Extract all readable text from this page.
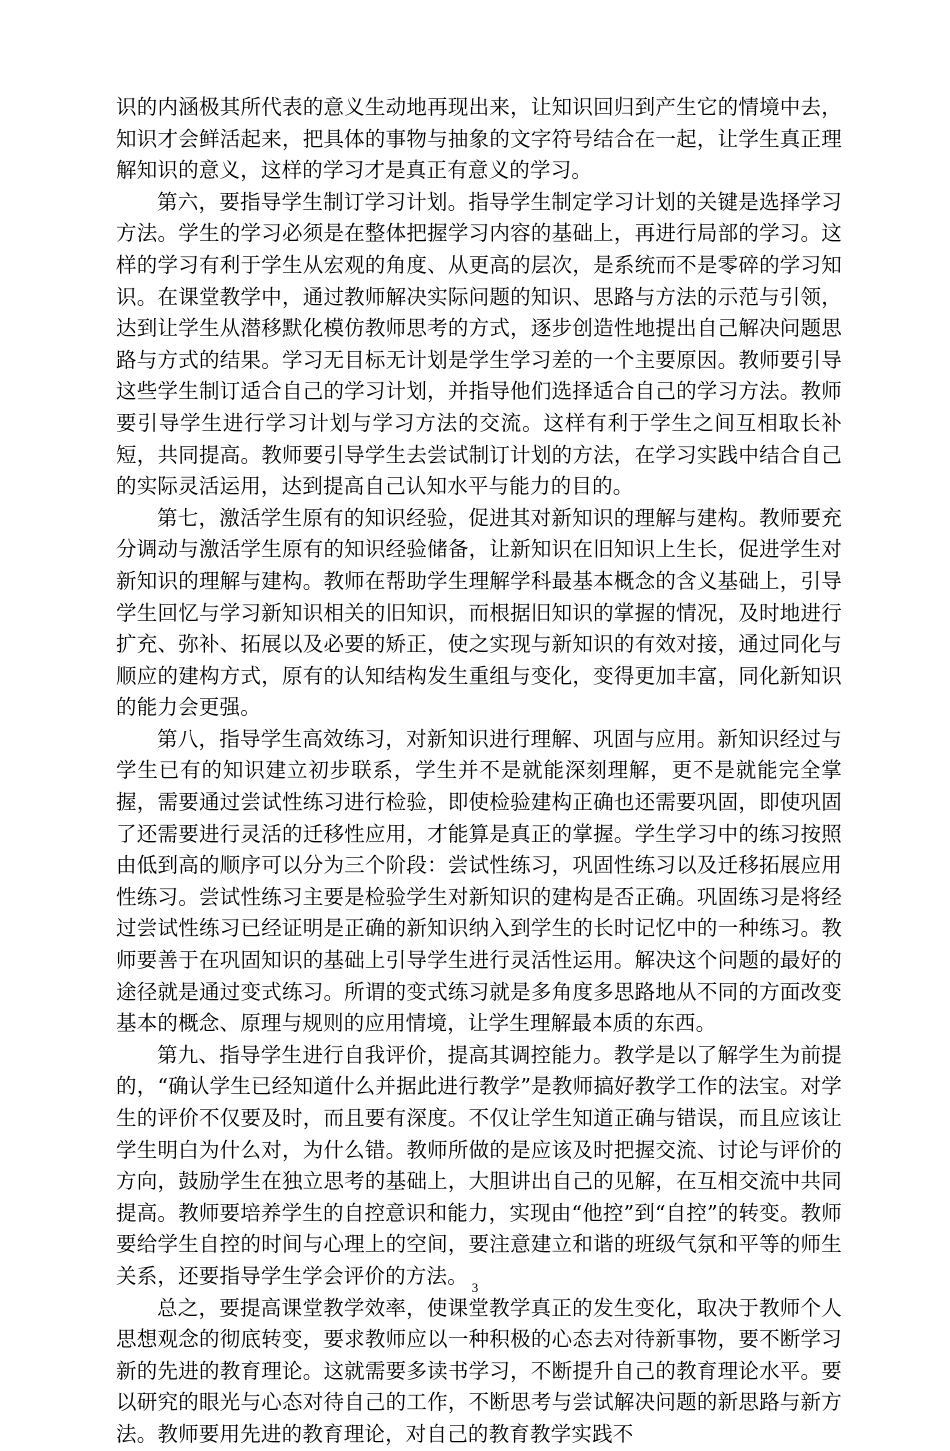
识的内涵极其所代表的意义生动地再现出来，让知识回归到产生它的情境中去，知识才会鲜活起来，把具体的事物与抽象的文字符号结合在一起，让学生真正理解知识的意义，这样的学习才是真正有意义的学习。

第六，要指导学生制订学习计划。指导学生制定学习计划的关键是选择学习方法。学生的学习必须是在整体把握学习内容的基础上，再进行局部的学习。这样的学习有利于学生从宏观的角度、从更高的层次，是系统而不是零碎的学习知识。在课堂教学中，通过教师解决实际问题的知识、思路与方法的示范与引领，达到让学生从潜移默化模仿教师思考的方式，逐步创造性地提出自己解决问题思路与方式的结果。学习无目标无计划是学生学习差的一个主要原因。教师要引导这些学生制订适合自己的学习计划，并指导他们选择适合自己的学习方法。教师要引导学生进行学习计划与学习方法的交流。这样有利于学生之间互相取长补短，共同提高。教师要引导学生去尝试制订计划的方法，在学习实践中结合自己的实际灵活运用，达到提高自己认知水平与能力的目的。

第七，激活学生原有的知识经验，促进其对新知识的理解与建构。教师要充分调动与激活学生原有的知识经验储备，让新知识在旧知识上生长，促进学生对新知识的理解与建构。教师在帮助学生理解学科最基本概念的含义基础上，引导学生回忆与学习新知识相关的旧知识，而根据旧知识的掌握的情况，及时地进行扩充、弥补、拓展以及必要的矫正，使之实现与新知识的有效对接，通过同化与顺应的建构方式，原有的认知结构发生重组与变化，变得更加丰富，同化新知识的能力会更强。

第八，指导学生高效练习，对新知识进行理解、巩固与应用。新知识经过与学生已有的知识建立初步联系，学生并不是就能深刻理解，更不是就能完全掌握，需要通过尝试性练习进行检验，即使检验建构正确也还需要巩固，即使巩固了还需要进行灵活的迁移性应用，才能算是真正的掌握。学生学习中的练习按照由低到高的顺序可以分为三个阶段：尝试性练习，巩固性练习以及迁移拓展应用性练习。尝试性练习主要是检验学生对新知识的建构是否正确。巩固练习是将经过尝试性练习已经证明是正确的新知识纳入到学生的长时记忆中的一种练习。教师要善于在巩固知识的基础上引导学生进行灵活性运用。解决这个问题的最好的途径就是通过变式练习。所谓的变式练习就是多角度多思路地从不同的方面改变基本的概念、原理与规则的应用情境，让学生理解最本质的东西。

第九、指导学生进行自我评价，提高其调控能力。教学是以了解学生为前提的，“确认学生已经知道什么并据此进行教学”是教师搞好教学工作的法宝。对学生的评价不仅要及时，而且要有深度。不仅让学生知道正确与错误，而且应该让学生明白为什么对，为什么错。教师所做的是应该及时把握交流、讨论与评价的方向，鼓励学生在独立思考的基础上，大胆讲出自己的见解，在互相交流中共同提高。教师要培养学生的自控意识和能力，实现由“他控”到“自控”的转变。教师要给学生自控的时间与心理上的空间，要注意建立和谐的班级气氛和平等的师生关系，还要指导学生学会评价的方法。

总之，要提高课堂教学效率，使课堂教学真正的发生变化，取决于教师个人思想观念的彻底转变，要求教师应以一种积极的心态去对待新事物，要不断学习新的先进的教育理论。这就需要多读书学习，不断提升自己的教育理论水平。要以研究的眼光与心态对待自己的工作，不断思考与尝试解决问题的新思路与新方法。教师要用先进的教育理论，对自己的教育教学实践不

3
